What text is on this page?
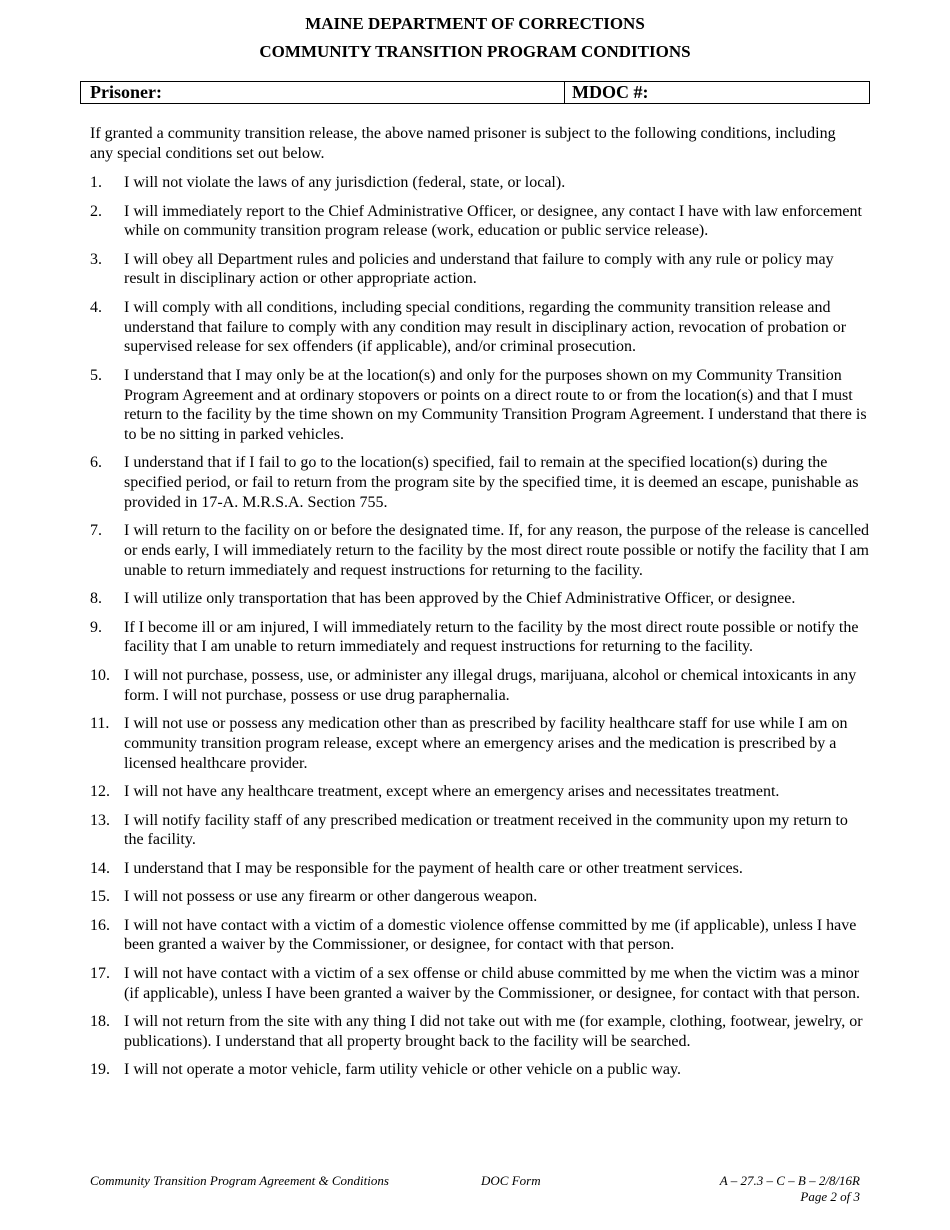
MAINE DEPARTMENT OF CORRECTIONS
COMMUNITY TRANSITION PROGRAM CONDITIONS
Prisoner:	MDOC #:
If granted a community transition release, the above named prisoner is subject to the following conditions, including any special conditions set out below.
1.	I will not violate the laws of any jurisdiction (federal, state, or local).
2.	I will immediately report to the Chief Administrative Officer, or designee, any contact I have with law enforcement while on community transition program release (work, education or public service release).
3.	I will obey all Department rules and policies and understand that failure to comply with any rule or policy may result in disciplinary action or other appropriate action.
4.	I will comply with all conditions, including special conditions, regarding the community transition release and understand that failure to comply with any condition may result in disciplinary action, revocation of probation or supervised release for sex offenders (if applicable), and/or criminal prosecution.
5.	I understand that I may only be at the location(s) and only for the purposes shown on my Community Transition Program Agreement and at ordinary stopovers or points on a direct route to or from the location(s) and that I must return to the facility by the time shown on my Community Transition Program Agreement. I understand that there is to be no sitting in parked vehicles.
6.	I understand that if I fail to go to the location(s) specified, fail to remain at the specified location(s) during the specified period, or fail to return from the program site by the specified time, it is deemed an escape, punishable as provided in 17-A. M.R.S.A. Section 755.
7.	I will return to the facility on or before the designated time. If, for any reason, the purpose of the release is cancelled or ends early, I will immediately return to the facility by the most direct route possible or notify the facility that I am unable to return immediately and request instructions for returning to the facility.
8.	I will utilize only transportation that has been approved by the Chief Administrative Officer, or designee.
9.	If I become ill or am injured, I will immediately return to the facility by the most direct route possible or notify the facility that I am unable to return immediately and request instructions for returning to the facility.
10. I will not purchase, possess, use, or administer any illegal drugs, marijuana, alcohol or chemical intoxicants in any form. I will not purchase, possess or use drug paraphernalia.
11. I will not use or possess any medication other than as prescribed by facility healthcare staff for use while I am on community transition program release, except where an emergency arises and the medication is prescribed by a licensed healthcare provider.
12. I will not have any healthcare treatment, except where an emergency arises and necessitates treatment.
13. I will notify facility staff of any prescribed medication or treatment received in the community upon my return to the facility.
14. I understand that I may be responsible for the payment of health care or other treatment services.
15. I will not possess or use any firearm or other dangerous weapon.
16. I will not have contact with a victim of a domestic violence offense committed by me (if applicable), unless I have been granted a waiver by the Commissioner, or designee, for contact with that person.
17. I will not have contact with a victim of a sex offense or child abuse committed by me when the victim was a minor (if applicable), unless I have been granted a waiver by the Commissioner, or designee, for contact with that person.
18. I will not return from the site with any thing I did not take out with me (for example, clothing, footwear, jewelry, or publications). I understand that all property brought back to the facility will be searched.
19. I will not operate a motor vehicle, farm utility vehicle or other vehicle on a public way.
Community Transition Program Agreement & Conditions	DOC Form	A – 27.3 – C – B – 2/8/16R
Page 2 of 3
